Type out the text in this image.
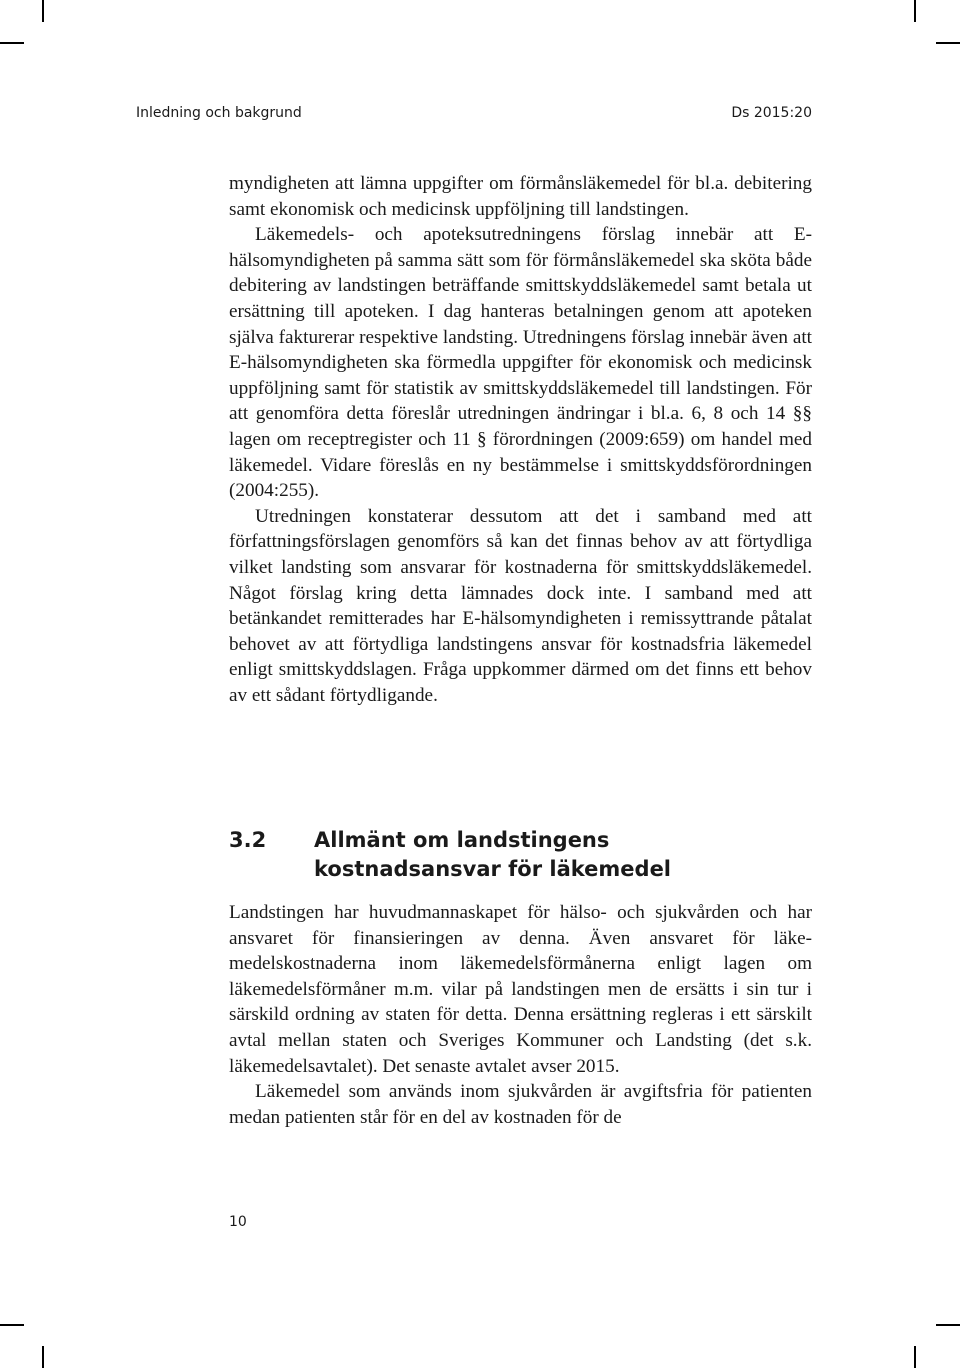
Inledning och bakgrund	Ds 2015:20

myndigheten att lämna uppgifter om förmånsläkemedel för bl.a. debitering samt ekonomisk och medicinsk uppföljning till landstingen.

Läkemedels- och apoteksutredningens förslag innebär att E-hälsomyndigheten på samma sätt som för förmånsläkemedel ska sköta både debitering av landstingen beträffande smittskyddsläkemedel samt betala ut ersättning till apoteken. I dag hanteras betalningen genom att apoteken själva fakturerar respektive landsting. Utredningens förslag innebär även att E-hälsomyndigheten ska förmedla uppgifter för ekonomisk och medicinsk uppföljning samt för statistik av smittskyddsläkemedel till landstingen. För att genomföra detta föreslår utredningen ändringar i bl.a. 6, 8 och 14 §§ lagen om receptregister och 11 § förordningen (2009:659) om handel med läkemedel. Vidare föreslås en ny bestämmelse i smittskyddsförordningen (2004:255).

Utredningen konstaterar dessutom att det i samband med att författningsförslagen genomförs så kan det finnas behov av att förtydliga vilket landsting som ansvarar för kostnaderna för smittskyddsläkemedel. Något förslag kring detta lämnades dock inte. I samband med att betänkandet remitterades har E-hälsomyndigheten i remissyttrande påtalat behovet av att förtydliga landstingens ansvar för kostnadsfria läkemedel enligt smittskyddslagen. Fråga uppkommer därmed om det finns ett behov av ett sådant förtydligande.

3.2 Allmänt om landstingens kostnadsansvar för läkemedel

Landstingen har huvudmannaskapet för hälso- och sjukvården och har ansvaret för finansieringen av denna. Även ansvaret för läkemedelskostnaderna inom läkemedelsförmånerna enligt lagen om läkemedelsförmåner m.m. vilar på landstingen men de ersätts i sin tur i särskild ordning av staten för detta. Denna ersättning regleras i ett särskilt avtal mellan staten och Sveriges Kommuner och Landsting (det s.k. läkemedelsavtalet). Det senaste avtalet avser 2015.

Läkemedel som används inom sjukvården är avgiftsfria för patienten medan patienten står för en del av kostnaden för de

10
